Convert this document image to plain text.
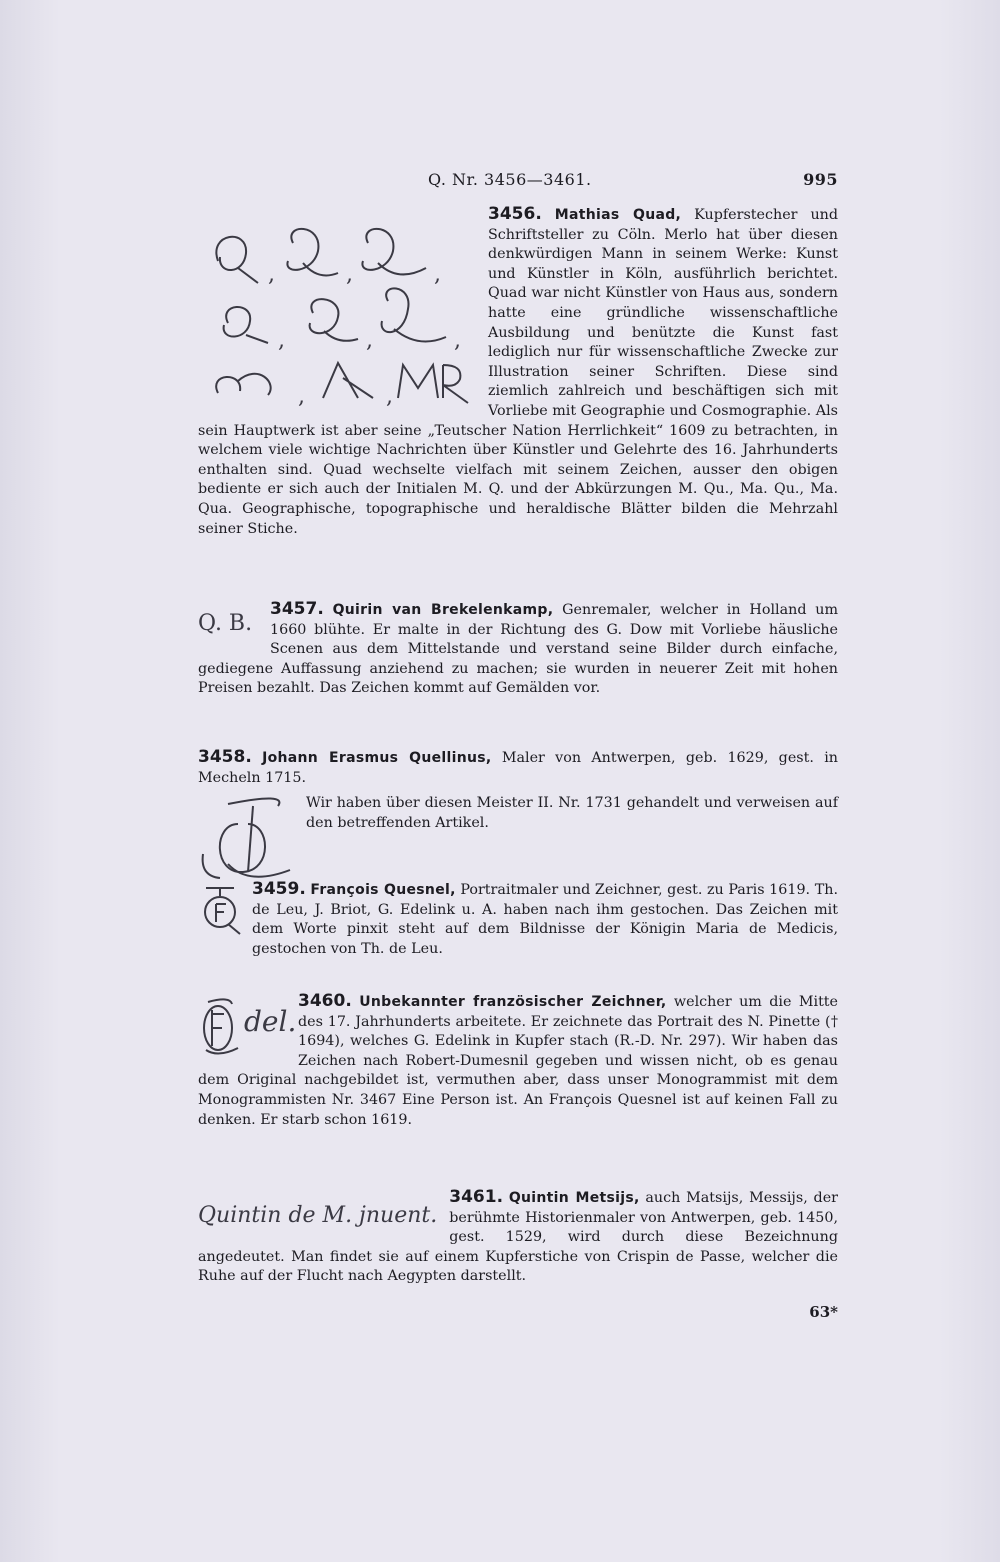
Q. Nr. 3456—3461.	995
3456. Mathias Quad,
,	,	,
,	,	,
,	,
Kupferstecher und Schriftsteller zu Cöln. Merlo hat über diesen denkwürdigen Mann in seinem Werke: Kunst und Künstler in Köln, ausführlich berichtet. Quad war nicht Künstler von Haus aus, sondern hatte eine gründliche wissenschaftliche Ausbildung und benützte die Kunst fast lediglich nur für wissenschaftliche Zwecke zur Illustration seiner Schriften. Diese sind ziemlich zahlreich und beschäftigen sich mit Vorliebe mit Geographie und Cosmographie. Als sein Hauptwerk ist aber seine „Teutscher Nation Herrlichkeit“ 1609 zu betrachten, in welchem viele wichtige Nachrichten über Künstler und Gelehrte des 16. Jahrhunderts enthalten sind. Quad wechselte vielfach mit seinem Zeichen, ausser den obigen bediente er sich auch der Initialen M. Q. und der Abkürzungen M. Qu., Ma. Qu., Ma. Qua. Geographische, topographische und heraldische Blätter bilden die Mehrzahl seiner Stiche.
3457. Quirin van Brekelenkamp,
Q. B.
Genremaler, welcher in Holland um 1660 blühte. Er malte in der Richtung des G. Dow mit Vorliebe häusliche Scenen aus dem Mittelstande und verstand seine Bilder durch einfache, gediegene Auffassung anziehend zu machen; sie wurden in neuerer Zeit mit hohen Preisen bezahlt. Das Zeichen kommt auf Gemälden vor.
3458. Johann Erasmus Quellinus, Maler von Antwerpen, geb. 1629, gest. in Mecheln 1715.
Wir haben über diesen Meister II. Nr. 1731 gehandelt und verweisen auf den betreffenden Artikel.
3459. François Quesnel, Portraitmaler und Zeichner, gest. zu Paris 1619. Th. de Leu, J. Briot, G. Edelink u. A. haben nach ihm gestochen. Das Zeichen mit dem Worte pinxit steht auf dem Bildnisse der Königin Maria de Medicis, gestochen von Th. de Leu.
3460. Unbekannter französischer Zeichner,
del.
welcher um die Mitte des 17. Jahrhunderts arbeitete. Er zeichnete das Portrait des N. Pinette († 1694), welches G. Edelink in Kupfer stach (R.-D. Nr. 297). Wir haben das Zeichen nach Robert-Dumesnil gegeben und wissen nicht, ob es genau dem Original nachgebildet ist, vermuthen aber, dass unser Monogrammist mit dem Monogrammisten Nr. 3467 Eine Person ist. An François Quesnel ist auf keinen Fall zu denken. Er starb schon 1619.
3461. Quintin Metsijs,
Quintin de M. jnuent.
auch Matsijs, Messijs, der berühmte Historienmaler von Antwerpen, geb. 1450, gest. 1529, wird durch diese Bezeichnung angedeutet. Man findet sie auf einem Kupferstiche von Crispin de Passe, welcher die Ruhe auf der Flucht nach Aegypten darstellt.
63*
